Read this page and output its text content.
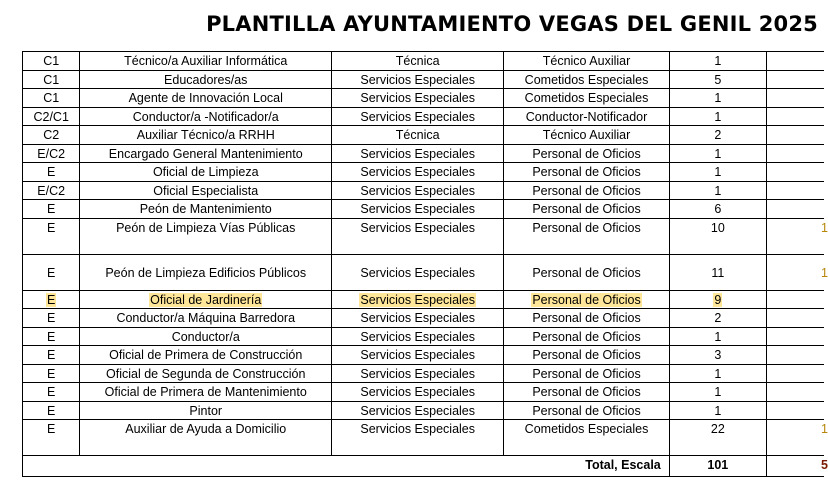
PLANTILLA AYUNTAMIENTO VEGAS DEL GENIL 2025
C1	Técnico/a Auxiliar Informática	Técnica	Técnico Auxiliar	1	
C1	Educadores/as	Servicios Especiales	Cometidos Especiales	5	
C1	Agente de Innovación Local	Servicios Especiales	Cometidos Especiales	1	
C2/C1	Conductor/a -Notificador/a	Servicios Especiales	Conductor-Notificador	1	
C2	Auxiliar Técnico/a RRHH	Técnica	Técnico Auxiliar	2	
E/C2	Encargado General Mantenimiento	Servicios Especiales	Personal de Oficios	1	
E	Oficial de Limpieza	Servicios Especiales	Personal de Oficios	1	
E/C2	Oficial Especialista	Servicios Especiales	Personal de Oficios	1	
E	Peón de Mantenimiento	Servicios Especiales	Personal de Oficios	6	
E	Peón de Limpieza Vías Públicas	Servicios Especiales	Personal de Oficios	10	1
E	Peón de Limpieza Edificios Públicos	Servicios Especiales	Personal de Oficios	11	1
E	Oficial de Jardinería	Servicios Especiales	Personal de Oficios	9	
E	Conductor/a Máquina Barredora	Servicios Especiales	Personal de Oficios	2	
E	Conductor/a	Servicios Especiales	Personal de Oficios	1	
E	Oficial de Primera de Construcción	Servicios Especiales	Personal de Oficios	3	
E	Oficial de Segunda de Construcción	Servicios Especiales	Personal de Oficios	1	
E	Oficial de Primera de Mantenimiento	Servicios Especiales	Personal de Oficios	1	
E	Pintor	Servicios Especiales	Personal de Oficios	1	
E	Auxiliar de Ayuda a Domicilio	Servicios Especiales	Cometidos Especiales	22	1
Total, Escala				101	5
